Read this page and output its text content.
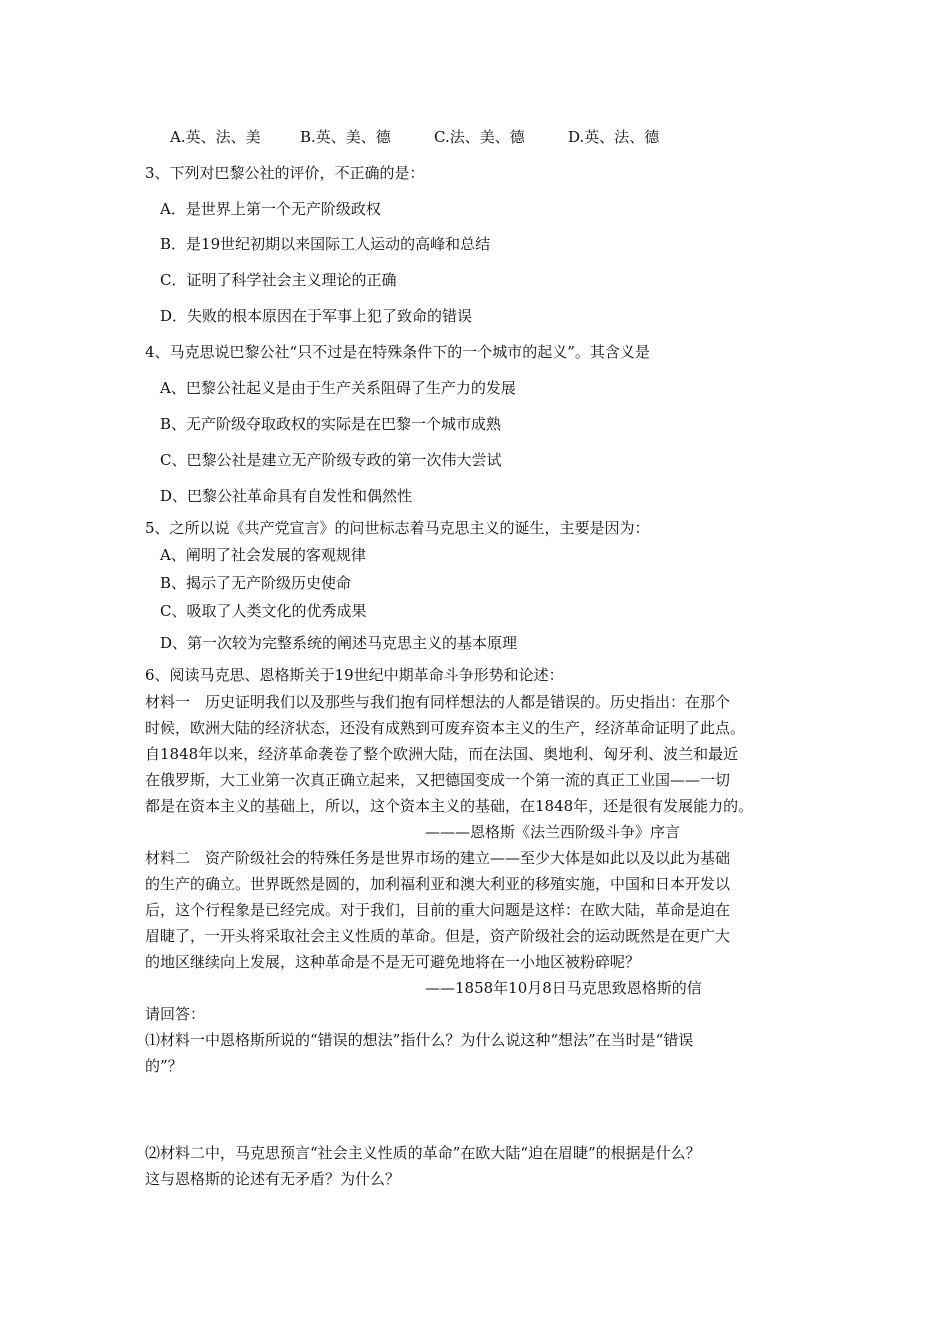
A.英、法、美	B.英、美、德	C.法、美、德	D.英、法、德
3、下列对巴黎公社的评价，不正确的是：
A．是世界上第一个无产阶级政权
B．是19世纪初期以来国际工人运动的高峰和总结
C．证明了科学社会主义理论的正确
D．失败的根本原因在于军事上犯了致命的错误
4、马克思说巴黎公社“只不过是在特殊条件下的一个城市的起义”。其含义是
A、巴黎公社起义是由于生产关系阻碍了生产力的发展
B、无产阶级夺取政权的实际是在巴黎一个城市成熟
C、巴黎公社是建立无产阶级专政的第一次伟大尝试
D、巴黎公社革命具有自发性和偶然性
5、之所以说《共产党宣言》的问世标志着马克思主义的诞生，主要是因为：
A、阐明了社会发展的客观规律
B、揭示了无产阶级历史使命
C、吸取了人类文化的优秀成果
D、第一次较为完整系统的阐述马克思主义的基本原理
6、阅读马克思、恩格斯关于19世纪中期革命斗争形势和论述：
材料一　历史证明我们以及那些与我们抱有同样想法的人都是错误的。历史指出：在那个
时候，欧洲大陆的经济状态，还没有成熟到可废弃资本主义的生产，经济革命证明了此点。
自1848年以来，经济革命袭卷了整个欧洲大陆，而在法国、奥地利、匈牙利、波兰和最近
在俄罗斯，大工业第一次真正确立起来，又把德国变成一个第一流的真正工业国——一切
都是在资本主义的基础上，所以，这个资本主义的基础，在1848年，还是很有发展能力的。
———恩格斯《法兰西阶级斗争》序言
材料二　资产阶级社会的特殊任务是世界市场的建立——至少大体是如此以及以此为基础
的生产的确立。世界既然是圆的，加利福利亚和澳大利亚的移殖实施，中国和日本开发以
后，这个行程象是已经完成。对于我们，目前的重大问题是这样：在欧大陆，革命是迫在
眉睫了，一开头将采取社会主义性质的革命。但是，资产阶级社会的运动既然是在更广大
的地区继续向上发展，这种革命是不是无可避免地将在一小地区被粉碎呢？
——1858年10月8日马克思致恩格斯的信
请回答：
⑴材料一中恩格斯所说的“错误的想法”指什么？为什么说这种“想法”在当时是“错误
的”？
⑵材料二中，马克思预言“社会主义性质的革命”在欧大陆“迫在眉睫”的根据是什么？
这与恩格斯的论述有无矛盾？为什么？
